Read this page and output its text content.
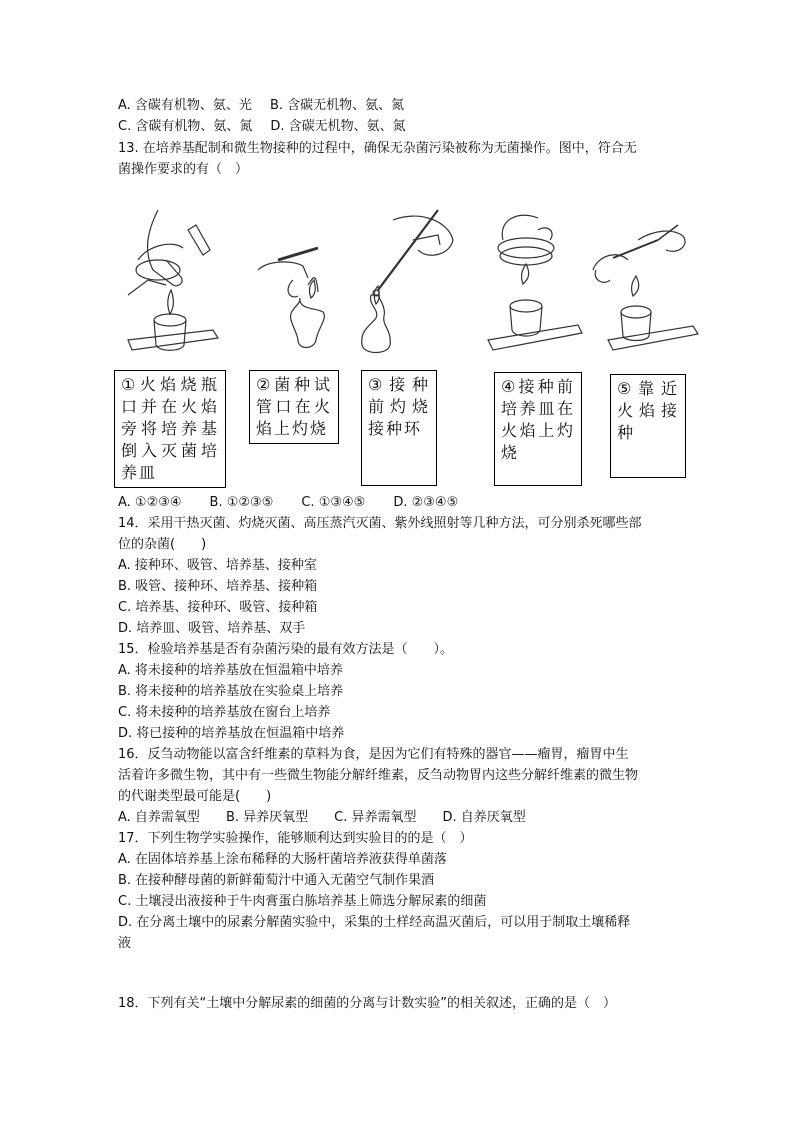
A. 含碳有机物、氨、光 B. 含碳无机物、氨、氮
C. 含碳有机物、氨、氮 D. 含碳无机物、氨、氮
13. 在培养基配制和微生物接种的过程中，确保无杂菌污染被称为无菌操作。图中，符合无
菌操作要求的有（　）
①火焰烧瓶口并在火焰旁将培养基倒入灭菌培养皿
②菌种试管口在火焰上灼烧
③接种前灼烧接种环
④接种前培养皿在火焰上灼烧
⑤靠近火焰接种
A. ①②③④ B. ①②③⑤ C. ①③④⑤ D. ②③④⑤
14．采用干热灭菌、灼烧灭菌、高压蒸汽灭菌、紫外线照射等几种方法，可分别杀死哪些部
位的杂菌(　　)
A. 接种环、吸管、培养基、接种室
B. 吸管、接种环、培养基、接种箱
C. 培养基、接种环、吸管、接种箱
D. 培养皿、吸管、培养基、双手
15．检验培养基是否有杂菌污染的最有效方法是（　　）。
A. 将未接种的培养基放在恒温箱中培养
B. 将未接种的培养基放在实验桌上培养
C. 将未接种的培养基放在窗台上培养
D. 将已接种的培养基放在恒温箱中培养
16．反刍动物能以富含纤维素的草料为食，是因为它们有特殊的器官——瘤胃，瘤胃中生
活着许多微生物，其中有一些微生物能分解纤维素，反刍动物胃内这些分解纤维素的微生物
的代谢类型最可能是(　　)
A. 自养需氧型 B. 异养厌氧型 C. 异养需氧型 D. 自养厌氧型
17．下列生物学实验操作，能够顺利达到实验目的的是（　）
A. 在固体培养基上涂布稀释的大肠杆菌培养液获得单菌落
B. 在接种酵母菌的新鲜葡萄汁中通入无菌空气制作果酒
C. 土壤浸出液接种于牛肉膏蛋白胨培养基上筛选分解尿素的细菌
D. 在分离土壤中的尿素分解菌实验中，采集的土样经高温灭菌后，可以用于制取土壤稀释
液
18．下列有关“土壤中分解尿素的细菌的分离与计数实验”的相关叙述，正确的是（　）
